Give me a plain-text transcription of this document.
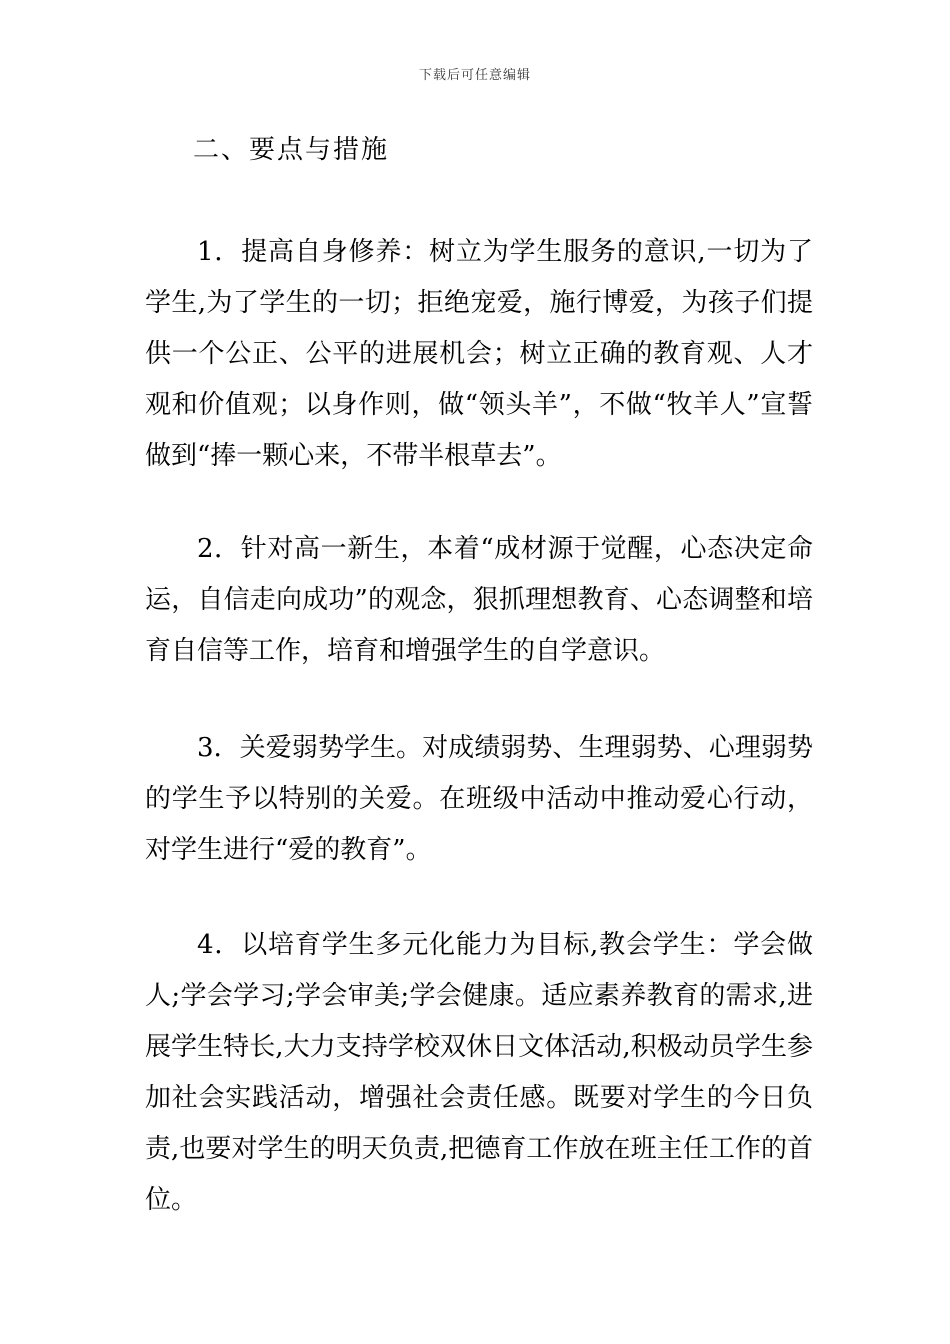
下载后可任意编辑
二、要点与措施

1．提高自身修养：树立为学生服务的意识,一切为了学生,为了学生的一切；拒绝宠爱，施行博爱，为孩子们提供一个公正、公平的进展机会；树立正确的教育观、人才观和价值观；以身作则，做“领头羊”，不做“牧羊人”宣誓做到“捧一颗心来，不带半根草去”。

2．针对高一新生，本着“成材源于觉醒，心态决定命运，自信走向成功”的观念，狠抓理想教育、心态调整和培育自信等工作，培育和增强学生的自学意识。

3．关爱弱势学生。对成绩弱势、生理弱势、心理弱势的学生予以特别的关爱。在班级中活动中推动爱心行动，对学生进行“爱的教育”。

4．以培育学生多元化能力为目标,教会学生：学会做人;学会学习;学会审美;学会健康。适应素养教育的需求,进展学生特长,大力支持学校双休日文体活动,积极动员学生参加社会实践活动，增强社会责任感。既要对学生的今日负责,也要对学生的明天负责,把德育工作放在班主任工作的首位。
